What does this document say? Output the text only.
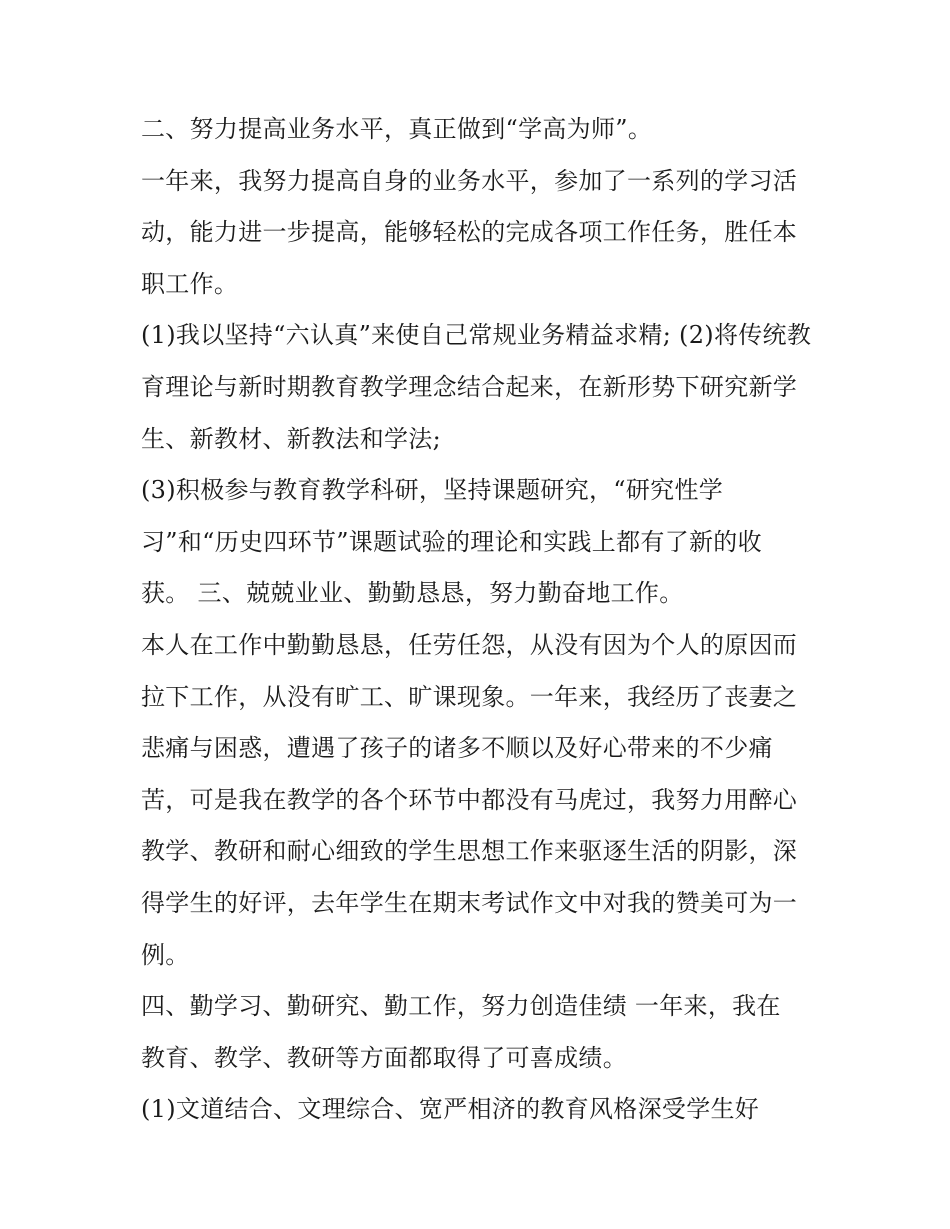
二、努力提高业务水平，真正做到“学高为师”。
一年来，我努力提高自身的业务水平，参加了一系列的学习活
动，能力进一步提高，能够轻松的完成各项工作任务，胜任本
职工作。
(1)我以坚持“六认真”来使自己常规业务精益求精; (2)将传统教
育理论与新时期教育教学理念结合起来，在新形势下研究新学
生、新教材、新教法和学法;
(3)积极参与教育教学科研，坚持课题研究，“研究性学
习”和“历史四环节”课题试验的理论和实践上都有了新的收
获。 三、兢兢业业、勤勤恳恳，努力勤奋地工作。
本人在工作中勤勤恳恳，任劳任怨，从没有因为个人的原因而
拉下工作，从没有旷工、旷课现象。一年来，我经历了丧妻之
悲痛与困惑，遭遇了孩子的诸多不顺以及好心带来的不少痛
苦，可是我在教学的各个环节中都没有马虎过，我努力用醉心
教学、教研和耐心细致的学生思想工作来驱逐生活的阴影，深
得学生的好评，去年学生在期末考试作文中对我的赞美可为一
例。
四、勤学习、勤研究、勤工作，努力创造佳绩 一年来，我在
教育、教学、教研等方面都取得了可喜成绩。
(1)文道结合、文理综合、宽严相济的教育风格深受学生好
